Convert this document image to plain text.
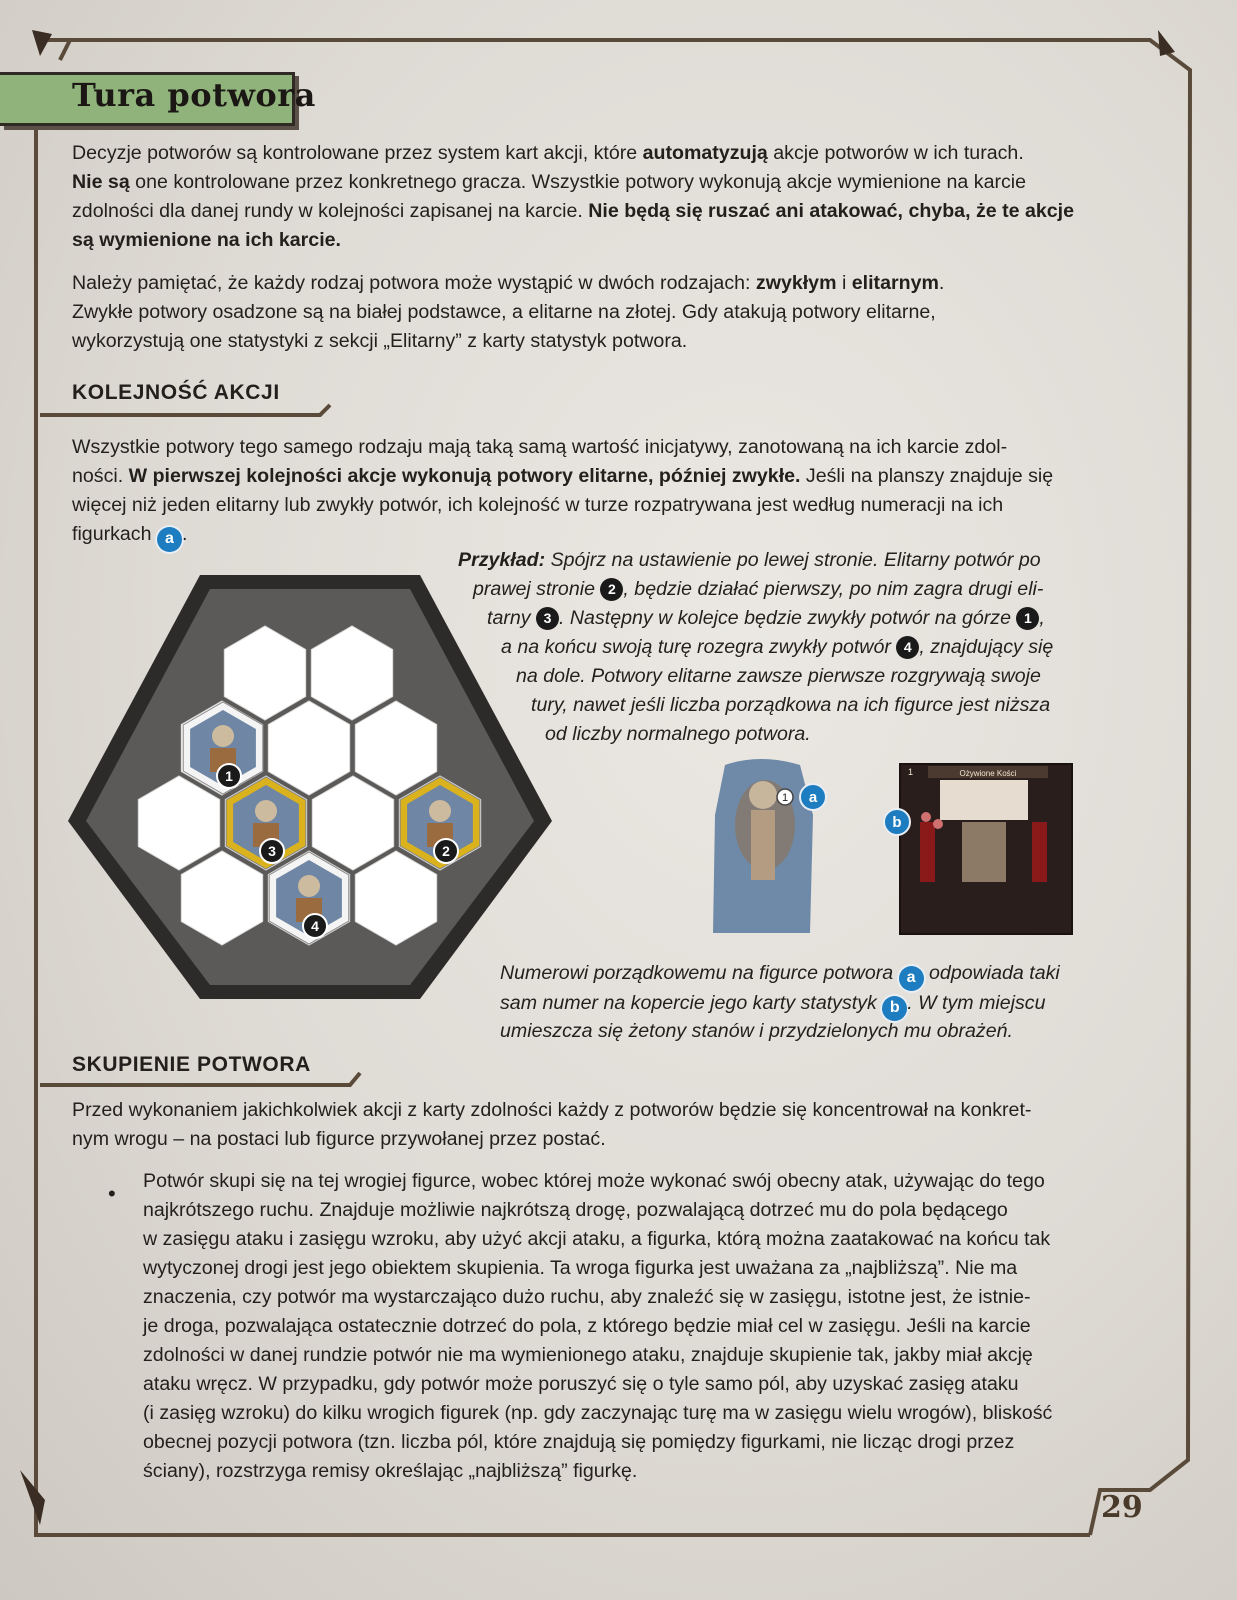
Tura potwora
Decyzje potworów są kontrolowane przez system kart akcji, które automatyzują akcje potworów w ich turach.
Nie są one kontrolowane przez konkretnego gracza. Wszystkie potwory wykonują akcje wymienione na karcie
zdolności dla danej rundy w kolejności zapisanej na karcie. Nie będą się ruszać ani atakować, chyba, że te akcje
są wymienione na ich karcie.
Należy pamiętać, że każdy rodzaj potwora może wystąpić w dwóch rodzajach: zwykłym i elitarnym.
Zwykłe potwory osadzone są na białej podstawce, a elitarne na złotej. Gdy atakują potwory elitarne,
wykorzystują one statystyki z sekcji „Elitarny” z karty statystyk potwora.
KOLEJNOŚĆ AKCJI
Wszystkie potwory tego samego rodzaju mają taką samą wartość inicjatywy, zanotowaną na ich karcie zdol-
ności. W pierwszej kolejności akcje wykonują potwory elitarne, później zwykłe. Jeśli na planszy znajduje się
więcej niż jeden elitarny lub zwykły potwór, ich kolejność w turze rozpatrywana jest według numeracji na ich
figurkach a .
Przykład: Spójrz na ustawienie po lewej stronie. Elitarny potwór po
prawej stronie 2 , będzie działać pierwszy, po nim zagra drugi eli-
tarny 3 . Następny w kolejce będzie zwykły potwór na górze 1 ,
a na końcu swoją turę rozegra zwykły potwór 4 , znajdujący się
na dole. Potwory elitarne zawsze pierwsze rozgrywają swoje
tury, nawet jeśli liczba porządkowa na ich figurce jest niższa
od liczby normalnego potwora.
1
2
3
4
1 a
Ożywione Kości
1
b
Numerowi porządkowemu na figurce potwora a odpowiada taki
sam numer na kopercie jego karty statystyk b . W tym miejscu
umieszcza się żetony stanów i przydzielonych mu obrażeń.
SKUPIENIE POTWORA
Przed wykonaniem jakichkolwiek akcji z karty zdolności każdy z potworów będzie się koncentrował na konkret-
nym wrogu – na postaci lub figurce przywołanej przez postać.
• Potwór skupi się na tej wrogiej figurce, wobec której może wykonać swój obecny atak, używając do tego
najkrótszego ruchu. Znajduje możliwie najkrótszą drogę, pozwalającą dotrzeć mu do pola będącego
w zasięgu ataku i zasięgu wzroku, aby użyć akcji ataku, a figurka, którą można zaatakować na końcu tak
wytyczonej drogi jest jego obiektem skupienia. Ta wroga figurka jest uważana za „najbliższą”. Nie ma
znaczenia, czy potwór ma wystarczająco dużo ruchu, aby znaleźć się w zasięgu, istotne jest, że istnie-
je droga, pozwalająca ostatecznie dotrzeć do pola, z którego będzie miał cel w zasięgu. Jeśli na karcie
zdolności w danej rundzie potwór nie ma wymienionego ataku, znajduje skupienie tak, jakby miał akcję
ataku wręcz. W przypadku, gdy potwór może poruszyć się o tyle samo pól, aby uzyskać zasięg ataku
(i zasięg wzroku) do kilku wrogich figurek (np. gdy zaczynając turę ma w zasięgu wielu wrogów), bliskość
obecnej pozycji potwora (tzn. liczba pól, które znajdują się pomiędzy figurkami, nie licząc drogi przez
ściany), rozstrzyga remisy określając „najbliższą” figurkę.
29
